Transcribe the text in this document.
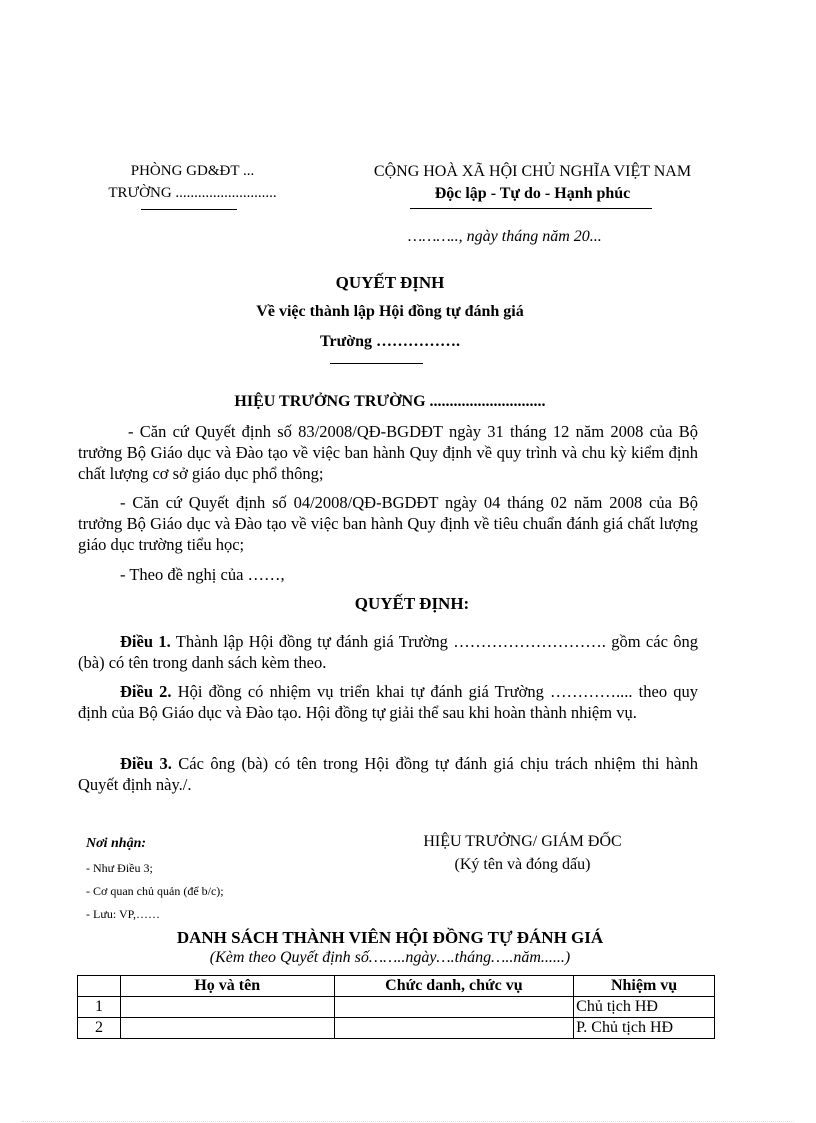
PHÒNG GD&ĐT ...
TRƯỜNG ...........................
CỘNG HOÀ XÃ HỘI CHỦ NGHĨA VIỆT NAM
Độc lập - Tự do - Hạnh phúc
……….., ngày tháng năm 20...
QUYẾT ĐỊNH
Về việc thành lập Hội đồng tự đánh giá
Trường …………….
HIỆU TRƯỞNG TRƯỜNG .............................
- Căn cứ Quyết định số 83/2008/QĐ-BGDĐT ngày 31 tháng 12 năm 2008 của Bộ trưởng Bộ Giáo dục và Đào tạo về việc ban hành Quy định về quy trình và chu kỳ kiểm định chất lượng cơ sở giáo dục phổ thông;
- Căn cứ Quyết định số 04/2008/QĐ-BGDĐT ngày 04 tháng 02 năm 2008 của Bộ trưởng Bộ Giáo dục và Đào tạo về việc ban hành Quy định về tiêu chuẩn đánh giá chất lượng giáo dục trường tiểu học;
- Theo đề nghị của ……,
QUYẾT ĐỊNH:
Điều 1. Thành lập Hội đồng tự đánh giá Trường ………………………. gồm các ông (bà) có tên trong danh sách kèm theo.
Điều 2. Hội đồng có nhiệm vụ triển khai tự đánh giá Trường ………….... theo quy định của Bộ Giáo dục và Đào tạo. Hội đồng tự giải thể sau khi hoàn thành nhiệm vụ.
Điều 3. Các ông (bà) có tên trong Hội đồng tự đánh giá chịu trách nhiệm thi hành Quyết định này./.
Nơi nhận:
- Như Điều 3;
- Cơ quan chủ quản (để b/c);
- Lưu: VP,……
HIỆU TRƯỞNG/ GIÁM ĐỐC
(Ký tên và đóng dấu)
DANH SÁCH THÀNH VIÊN HỘI ĐỒNG TỰ ĐÁNH GIÁ
(Kèm theo Quyết định số……..ngày….tháng…..năm......)
	Họ và tên	Chức danh, chức vụ	Nhiệm vụ
1			Chủ tịch HĐ
2			P. Chủ tịch HĐ
